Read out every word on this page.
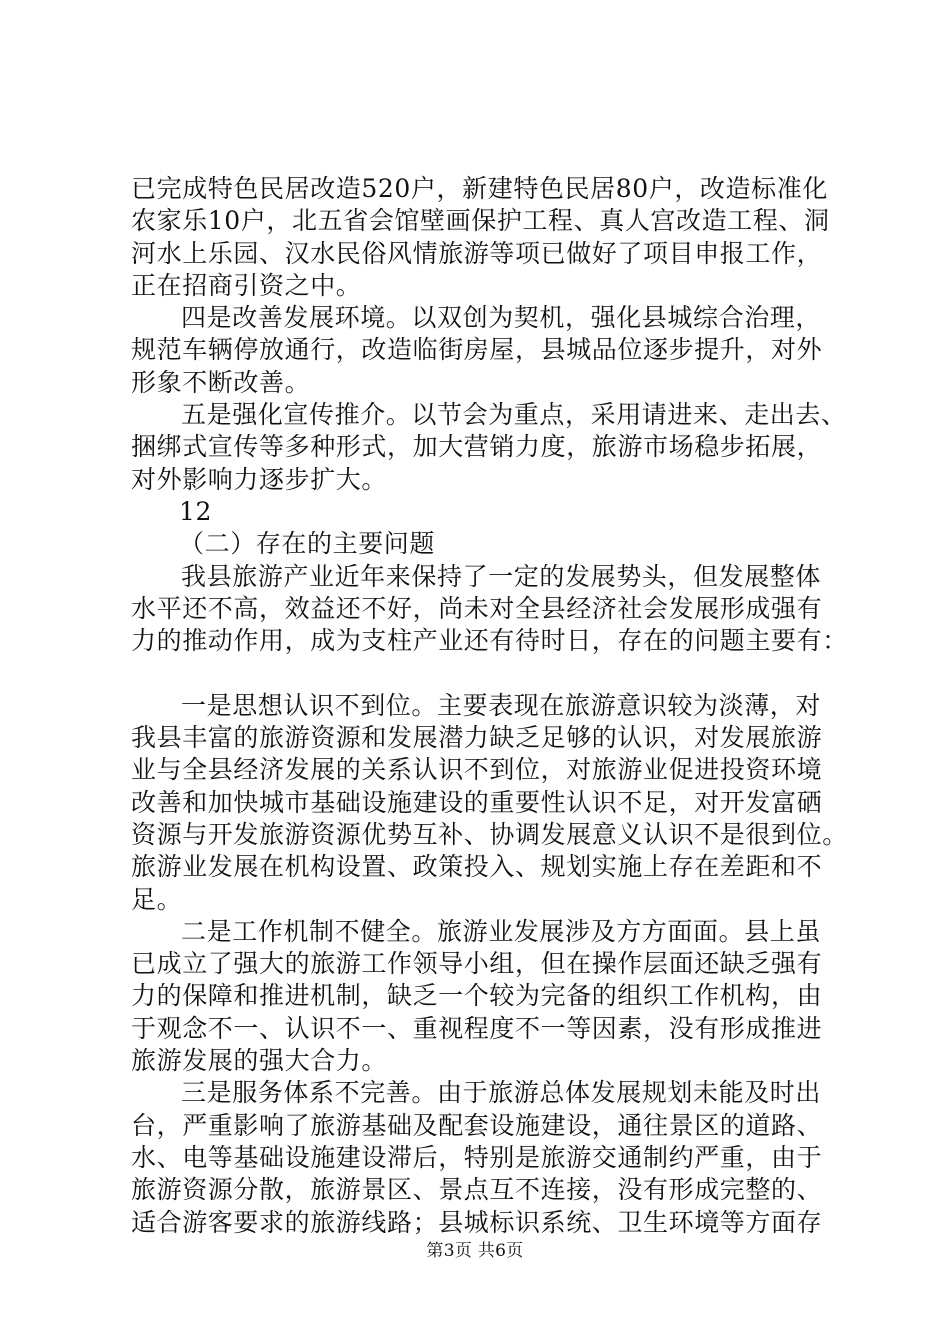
已完成特色民居改造520户，新建特色民居80户，改造标准化
农家乐10户，北五省会馆壁画保护工程、真人宫改造工程、洞
河水上乐园、汉水民俗风情旅游等项已做好了项目申报工作，
正在招商引资之中。
四是改善发展环境。以双创为契机，强化县城综合治理，
规范车辆停放通行，改造临街房屋，县城品位逐步提升，对外
形象不断改善。
五是强化宣传推介。以节会为重点，采用请进来、走出去、
捆绑式宣传等多种形式，加大营销力度，旅游市场稳步拓展，
对外影响力逐步扩大。
12
（二）存在的主要问题
我县旅游产业近年来保持了一定的发展势头，但发展整体
水平还不高，效益还不好，尚未对全县经济社会发展形成强有
力的推动作用，成为支柱产业还有待时日，存在的问题主要有：
一是思想认识不到位。主要表现在旅游意识较为淡薄，对
我县丰富的旅游资源和发展潜力缺乏足够的认识，对发展旅游
业与全县经济发展的关系认识不到位，对旅游业促进投资环境
改善和加快城市基础设施建设的重要性认识不足，对开发富硒
资源与开发旅游资源优势互补、协调发展意义认识不是很到位。
旅游业发展在机构设置、政策投入、规划实施上存在差距和不
足。
二是工作机制不健全。旅游业发展涉及方方面面。县上虽
已成立了强大的旅游工作领导小组，但在操作层面还缺乏强有
力的保障和推进机制，缺乏一个较为完备的组织工作机构，由
于观念不一、认识不一、重视程度不一等因素，没有形成推进
旅游发展的强大合力。
三是服务体系不完善。由于旅游总体发展规划未能及时出
台，严重影响了旅游基础及配套设施建设，通往景区的道路、
水、电等基础设施建设滞后，特别是旅游交通制约严重，由于
旅游资源分散，旅游景区、景点互不连接，没有形成完整的、
适合游客要求的旅游线路；县城标识系统、卫生环境等方面存
第3页 共6页
